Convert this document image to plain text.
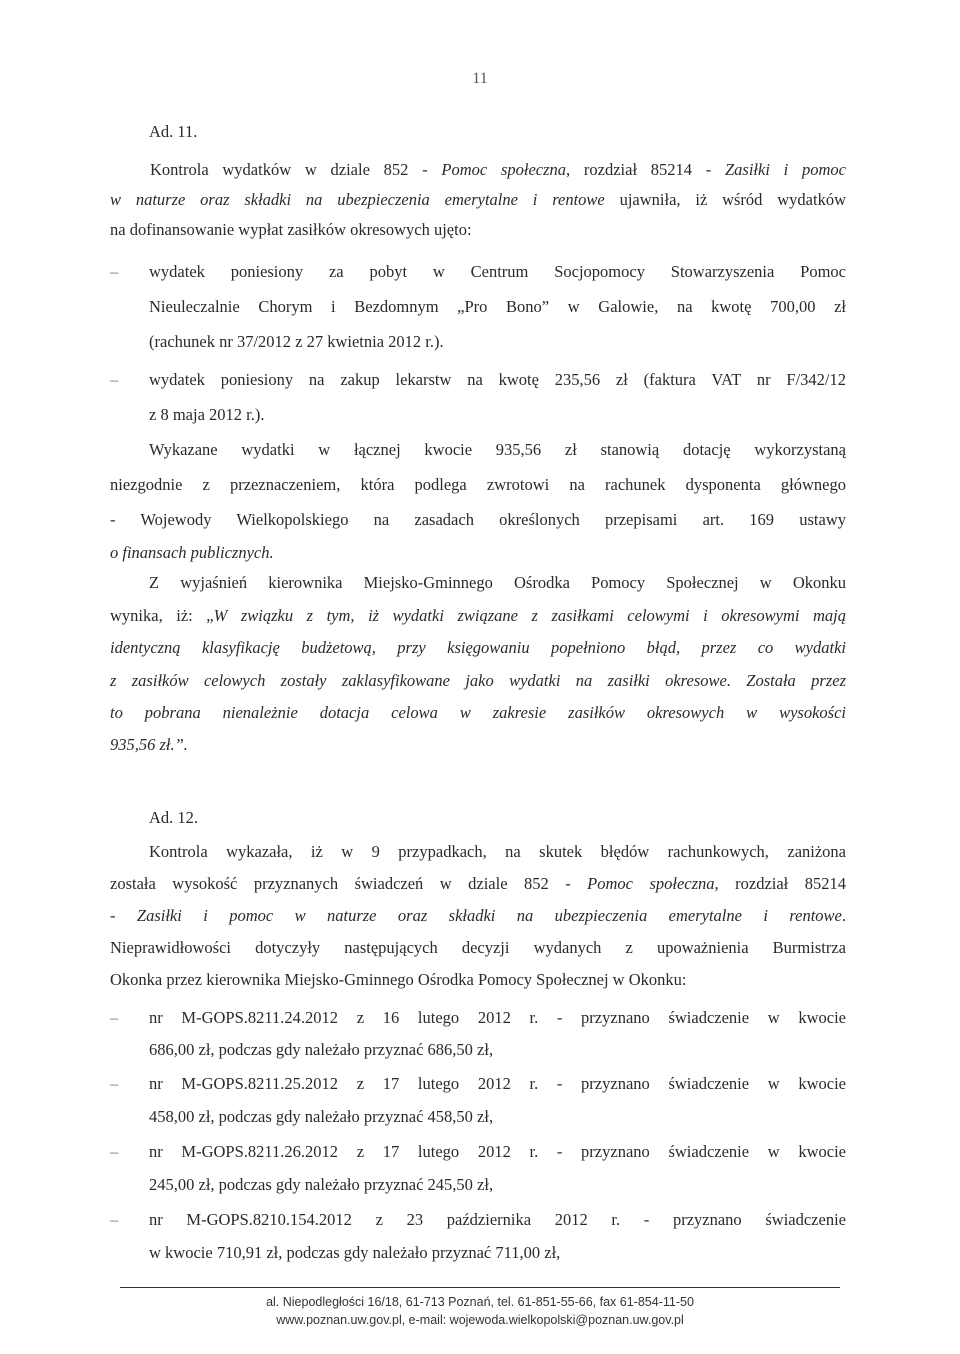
11
Ad. 11.
Kontrola wydatków w dziale 852 - Pomoc społeczna, rozdział 85214 - Zasiłki i pomoc
w naturze oraz składki na ubezpieczenia emerytalne i rentowe ujawniła, iż wśród wydatków
na dofinansowanie wypłat zasiłków okresowych ujęto:
– wydatek poniesiony za pobyt w Centrum Socjopomocy Stowarzyszenia Pomoc
Nieuleczalnie Chorym i Bezdomnym „Pro Bono” w Galowie, na kwotę 700,00 zł
(rachunek nr 37/2012 z 27 kwietnia 2012 r.).
– wydatek poniesiony na zakup lekarstw na kwotę 235,56 zł (faktura VAT nr F/342/12
z 8 maja 2012 r.).
Wykazane wydatki w łącznej kwocie 935,56 zł stanowią dotację wykorzystaną
niezgodnie z przeznaczeniem, która podlega zwrotowi na rachunek dysponenta głównego
- Wojewody Wielkopolskiego na zasadach określonych przepisami art. 169 ustawy
o finansach publicznych.
Z wyjaśnień kierownika Miejsko-Gminnego Ośrodka Pomocy Społecznej w Okonku
wynika, iż: „W związku z tym, iż wydatki związane z zasiłkami celowymi i okresowymi mają
identyczną klasyfikację budżetową, przy księgowaniu popełniono błąd, przez co wydatki
z zasiłków celowych zostały zaklasyfikowane jako wydatki na zasiłki okresowe. Została przez
to pobrana nienależnie dotacja celowa w zakresie zasiłków okresowych w wysokości
935,56 zł.”.
Ad. 12.
Kontrola wykazała, iż w 9 przypadkach, na skutek błędów rachunkowych, zaniżona
została wysokość przyznanych świadczeń w dziale 852 - Pomoc społeczna, rozdział 85214
- Zasiłki i pomoc w naturze oraz składki na ubezpieczenia emerytalne i rentowe.
Nieprawidłowości dotyczyły następujących decyzji wydanych z upoważnienia Burmistrza
Okonka przez kierownika Miejsko-Gminnego Ośrodka Pomocy Społecznej w Okonku:
– nr M-GOPS.8211.24.2012 z 16 lutego 2012 r. - przyznano świadczenie w kwocie
686,00 zł, podczas gdy należało przyznać 686,50 zł,
– nr M-GOPS.8211.25.2012 z 17 lutego 2012 r. - przyznano świadczenie w kwocie
458,00 zł, podczas gdy należało przyznać 458,50 zł,
– nr M-GOPS.8211.26.2012 z 17 lutego 2012 r. - przyznano świadczenie w kwocie
245,00 zł, podczas gdy należało przyznać 245,50 zł,
– nr M-GOPS.8210.154.2012 z 23 października 2012 r. - przyznano świadczenie
w kwocie 710,91 zł, podczas gdy należało przyznać 711,00 zł,
al. Niepodległości 16/18, 61-713 Poznań, tel. 61-851-55-66, fax 61-854-11-50
www.poznan.uw.gov.pl, e-mail: wojewoda.wielkopolski@poznan.uw.gov.pl
